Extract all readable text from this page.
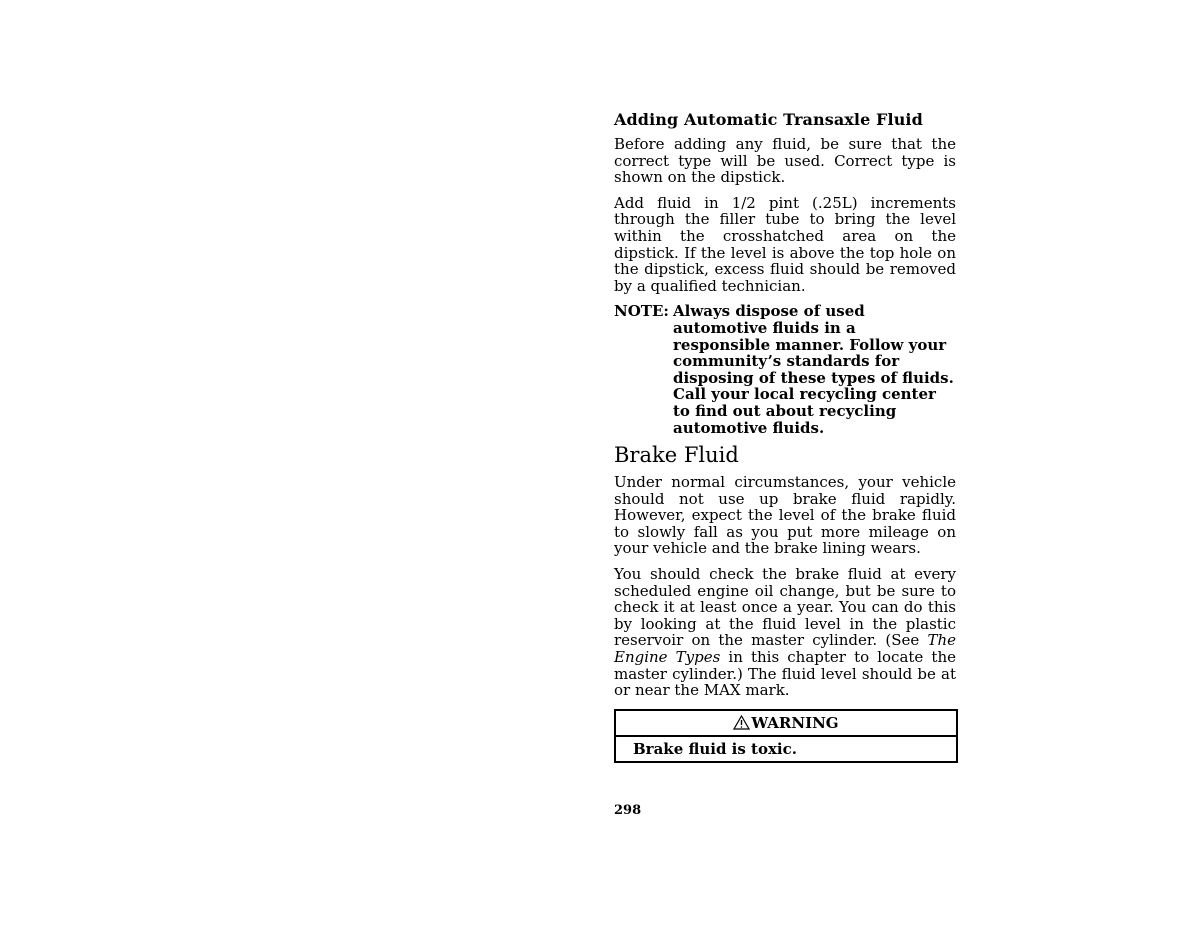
Adding Automatic Transaxle Fluid

Before adding any fluid, be sure that the correct type will be used. Correct type is shown on the dipstick.

Add fluid in 1/2 pint (.25L) increments through the filler tube to bring the level within the crosshatched area on the dipstick. If the level is above the top hole on the dipstick, excess fluid should be removed by a qualified technician.

NOTE: Always dispose of used automotive fluids in a responsible manner. Follow your community’s standards for disposing of these types of fluids. Call your local recycling center to find out about recycling automotive fluids.
Brake Fluid

Under normal circumstances, your vehicle should not use up brake fluid rapidly. However, expect the level of the brake fluid to slowly fall as you put more mileage on your vehicle and the brake lining wears.

You should check the brake fluid at every scheduled engine oil change, but be sure to check it at least once a year. You can do this by looking at the fluid level in the plastic reservoir on the master cylinder. (See The Engine Types in this chapter to locate the master cylinder.) The fluid level should be at or near the MAX mark.

WARNING
Brake fluid is toxic.
298
